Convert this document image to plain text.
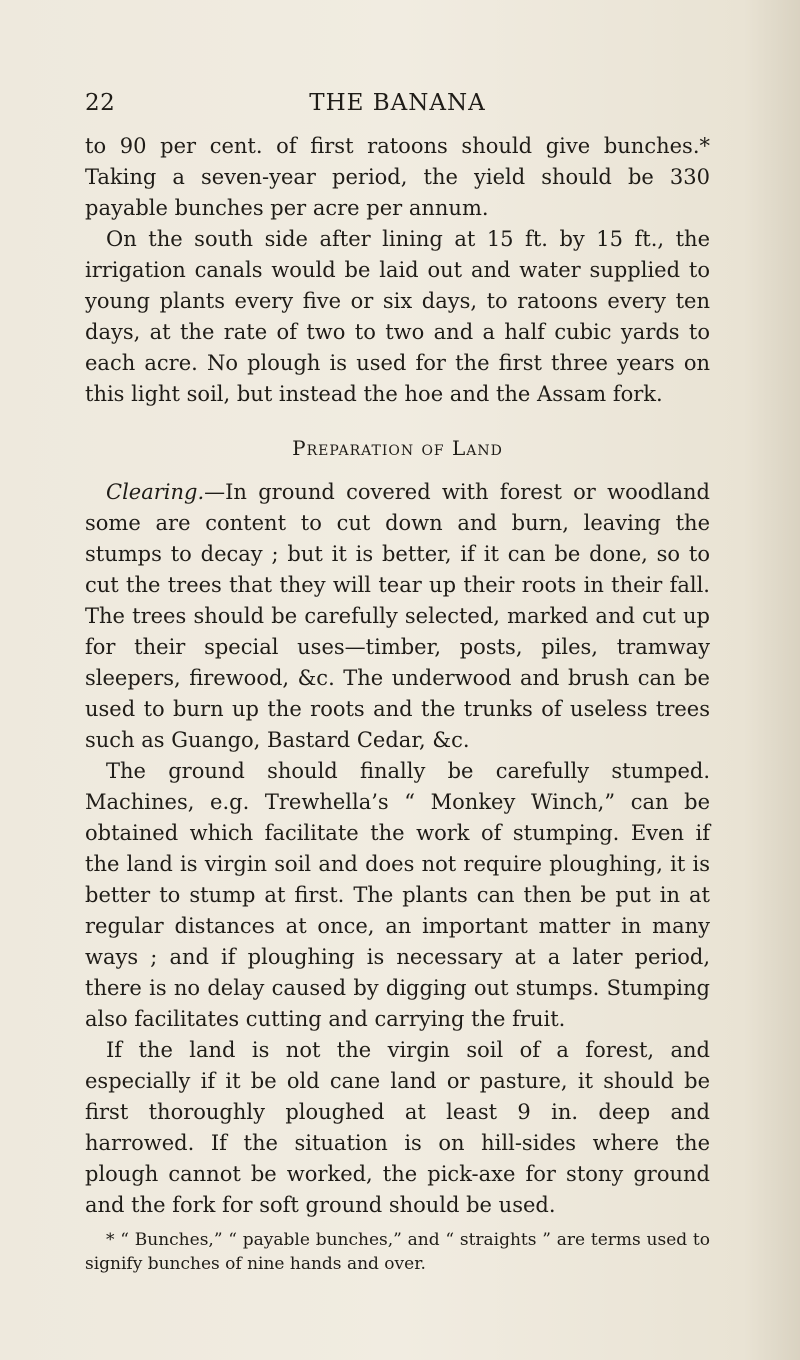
22	THE BANANA

to 90 per cent. of first ratoons should give bunches.* Taking a seven-year period, the yield should be 330 payable bunches per acre per annum.

On the south side after lining at 15 ft. by 15 ft., the irrigation canals would be laid out and water supplied to young plants every five or six days, to ratoons every ten days, at the rate of two to two and a half cubic yards to each acre. No plough is used for the first three years on this light soil, but instead the hoe and the Assam fork.

Preparation of Land

Clearing.—In ground covered with forest or woodland some are content to cut down and burn, leaving the stumps to decay ; but it is better, if it can be done, so to cut the trees that they will tear up their roots in their fall. The trees should be carefully selected, marked and cut up for their special uses—timber, posts, piles, tramway sleepers, firewood, &c. The underwood and brush can be used to burn up the roots and the trunks of useless trees such as Guango, Bastard Cedar, &c.

The ground should finally be carefully stumped. Machines, e.g. Trewhella’s “ Monkey Winch,” can be obtained which facilitate the work of stumping. Even if the land is virgin soil and does not require ploughing, it is better to stump at first. The plants can then be put in at regular distances at once, an important matter in many ways ; and if ploughing is necessary at a later period, there is no delay caused by digging out stumps. Stumping also facilitates cutting and carrying the fruit.

If the land is not the virgin soil of a forest, and especially if it be old cane land or pasture, it should be first thoroughly ploughed at least 9 in. deep and harrowed. If the situation is on hill-sides where the plough cannot be worked, the pick-axe for stony ground and the fork for soft ground should be used.

* “ Bunches,” “ payable bunches,” and “ straights ” are terms used to signify bunches of nine hands and over.
